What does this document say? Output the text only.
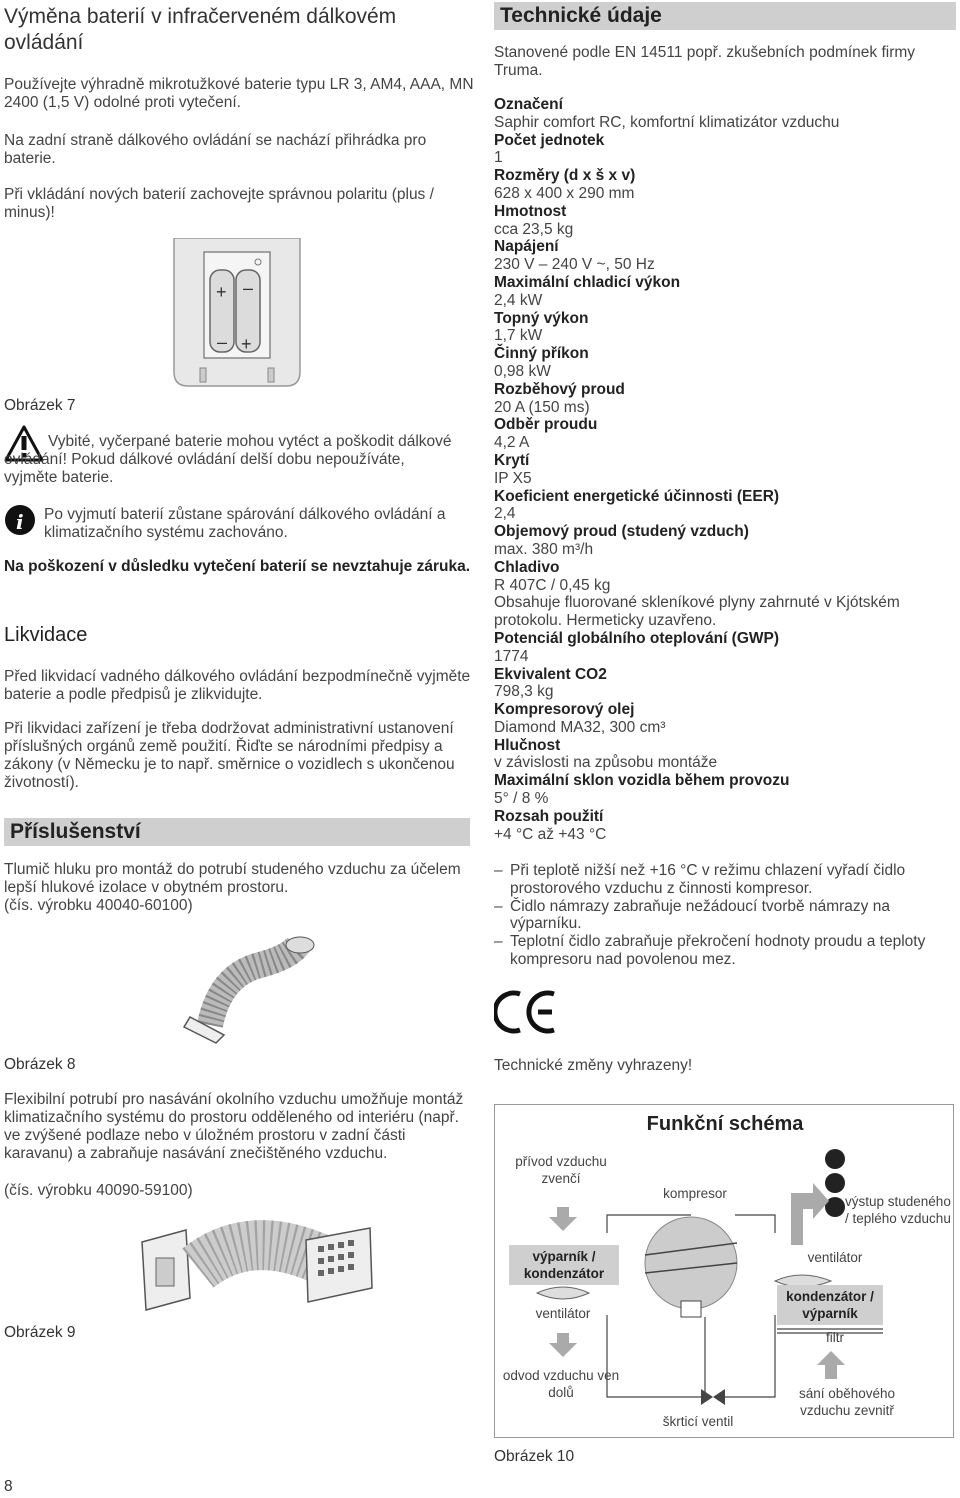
Výměna baterií v infračerveném dálkovém ovládání

Používejte výhradně mikrotužkové baterie typu LR 3, AM4, AAA, MN 2400 (1,5 V) odolné proti vytečení.

Na zadní straně dálkového ovládání se nachází přihrádka pro baterie.

Při vkládání nových baterií zachovejte správnou polaritu (plus / minus)!

+ –
– +
Obrázek 7

Vybité, vyčerpané baterie mohou vytéct a poškodit dálkové ovládání! Pokud dálkové ovládání delší dobu nepoužíváte, vyjměte baterie.

i Po vyjmutí baterií zůstane spárování dálkového ovládání a klimatizačního systému zachováno.

Na poškození v důsledku vytečení baterií se nevztahuje záruka.

Likvidace

Před likvidací vadného dálkového ovládání bezpodmínečně vyjměte baterie a podle předpisů je zlikvidujte.

Při likvidaci zařízení je třeba dodržovat administrativní ustanovení příslušných orgánů země použití. Řiďte se národními předpisy a zákony (v Německu je to např. směrnice o vozidlech s ukončenou životností).

Příslušenství

Tlumič hluku pro montáž do potrubí studeného vzduchu za účelem lepší hlukové izolace v obytném prostoru.

(čís. výrobku 40040-60100)

Obrázek 8

Flexibilní potrubí pro nasávání okolního vzduchu umožňuje montáž klimatizačního systému do prostoru odděleného od interiéru (např. ve zvýšené podlaze nebo v úložném prostoru v zadní části karavanu) a zabraňuje nasávání znečištěného vzduchu.

(čís. výrobku 40090-59100)

Obrázek 9
8
Technické údaje

Stanovené podle EN 14511 popř. zkušebních podmínek firmy Truma.

Označení
Saphir comfort RC, komfortní klimatizátor vzduchu
Počet jednotek
1
Rozměry (d x š x v)
628 x 400 x 290 mm
Hmotnost
cca 23,5 kg
Napájení
230 V – 240 V ~, 50 Hz
Maximální chladicí výkon
2,4 kW
Topný výkon
1,7 kW
Činný příkon
0,98 kW
Rozběhový proud
20 A (150 ms)
Odběr proudu
4,2 A
Krytí
IP X5
Koeficient energetické účinnosti (EER)
2,4
Objemový proud (studený vzduch)
max. 380 m³/h
Chladivo
R 407C / 0,45 kg
Obsahuje fluorované skleníkové plyny zahrnuté v Kjótském protokolu. Hermeticky uzavřeno.
Potenciál globálního oteplování (GWP)
1774
Ekvivalent CO2
798,3 kg
Kompresorový olej
Diamond MA32, 300 cm³
Hlučnost
v závislosti na způsobu montáže
Maximální sklon vozidla během provozu
5° / 8 %
Rozsah použití
+4 °C až +43 °C
– Při teplotě nižší než +16 °C v režimu chlazení vyřadí čidlo prostorového vzduchu z činnosti kompresor.
– Čidlo námrazy zabraňuje nežádoucí tvorbě námrazy na výparníku.
– Teplotní čidlo zabraňuje překročení hodnoty proudu a teploty kompresoru nad povolenou mez.

Technické změny vyhrazeny!

Funkční schéma
přívod vzduchu zvenčí
výparník / kondenzátor
ventilátor
odvod vzduchu ven dolů
kompresor
škrticí ventil
výstup studeného / teplého vzduchu
ventilátor
kondenzátor / výparník
filtr
sání oběhového vzduchu zevnitř
Obrázek 10
